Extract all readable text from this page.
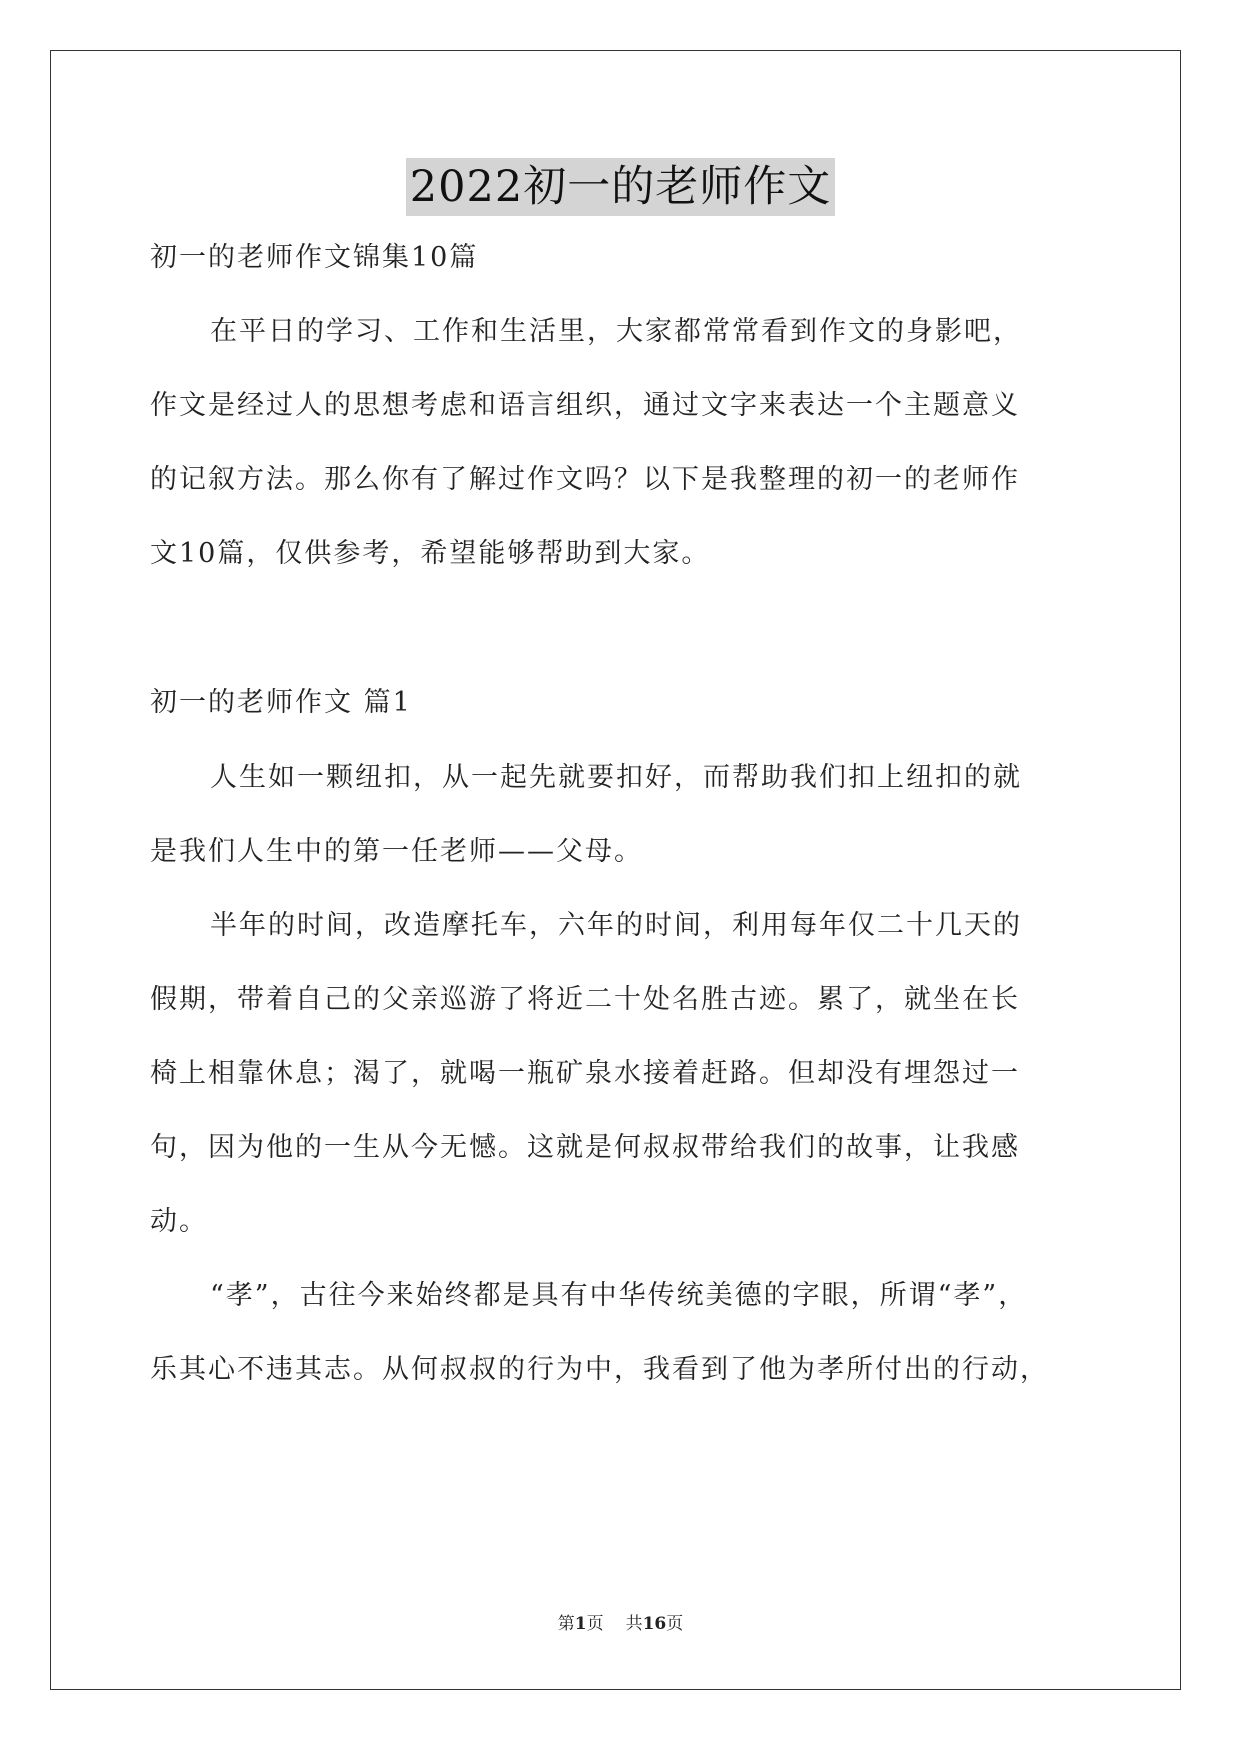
2022初一的老师作文
初一的老师作文锦集10篇
在平日的学习、工作和生活里，大家都常常看到作文的身影吧，
作文是经过人的思想考虑和语言组织，通过文字来表达一个主题意义
的记叙方法。那么你有了解过作文吗？以下是我整理的初一的老师作
文10篇，仅供参考，希望能够帮助到大家。
初一的老师作文 篇1
人生如一颗纽扣，从一起先就要扣好，而帮助我们扣上纽扣的就
是我们人生中的第一任老师——父母。
半年的时间，改造摩托车，六年的时间，利用每年仅二十几天的
假期，带着自己的父亲巡游了将近二十处名胜古迹。累了，就坐在长
椅上相靠休息；渴了，就喝一瓶矿泉水接着赶路。但却没有埋怨过一
句，因为他的一生从今无憾。这就是何叔叔带给我们的故事，让我感
动。
“孝”，古往今来始终都是具有中华传统美德的字眼，所谓“孝”，
乐其心不违其志。从何叔叔的行为中，我看到了他为孝所付出的行动，
第1页 共16页
